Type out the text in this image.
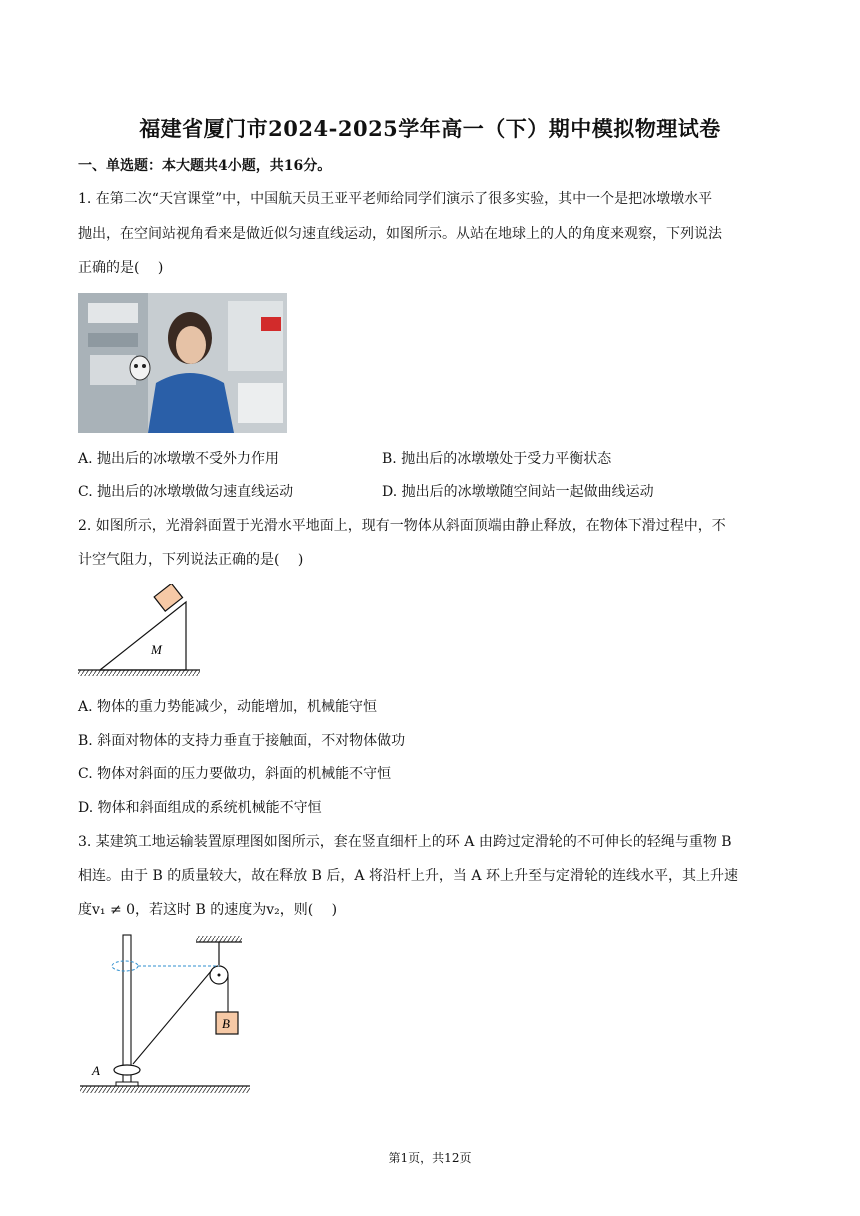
福建省厦门市2024-2025学年高一（下）期中模拟物理试卷
一、单选题：本大题共4小题，共16分。
1. 在第二次“天宫课堂”中，中国航天员王亚平老师给同学们演示了很多实验，其中一个是把冰墩墩水平
抛出，在空间站视角看来是做近似匀速直线运动，如图所示。从站在地球上的人的角度来观察，下列说法
正确的是(　 )
A. 抛出后的冰墩墩不受外力作用	B. 抛出后的冰墩墩处于受力平衡状态
C. 抛出后的冰墩墩做匀速直线运动	D. 抛出后的冰墩墩随空间站一起做曲线运动
2. 如图所示，光滑斜面置于光滑水平地面上，现有一物体从斜面顶端由静止释放，在物体下滑过程中，不
计空气阻力，下列说法正确的是(　 )
M
A. 物体的重力势能减少，动能增加，机械能守恒
B. 斜面对物体的支持力垂直于接触面，不对物体做功
C. 物体对斜面的压力要做功，斜面的机械能不守恒
D. 物体和斜面组成的系统机械能不守恒
3. 某建筑工地运输装置原理图如图所示，套在竖直细杆上的环 A 由跨过定滑轮的不可伸长的轻绳与重物 B
相连。由于 B 的质量较大，故在释放 B 后，A 将沿杆上升，当 A 环上升至与定滑轮的连线水平，其上升速
度v₁ ≠ 0，若这时 B 的速度为v₂，则(　 )
B
A
第1页，共12页
